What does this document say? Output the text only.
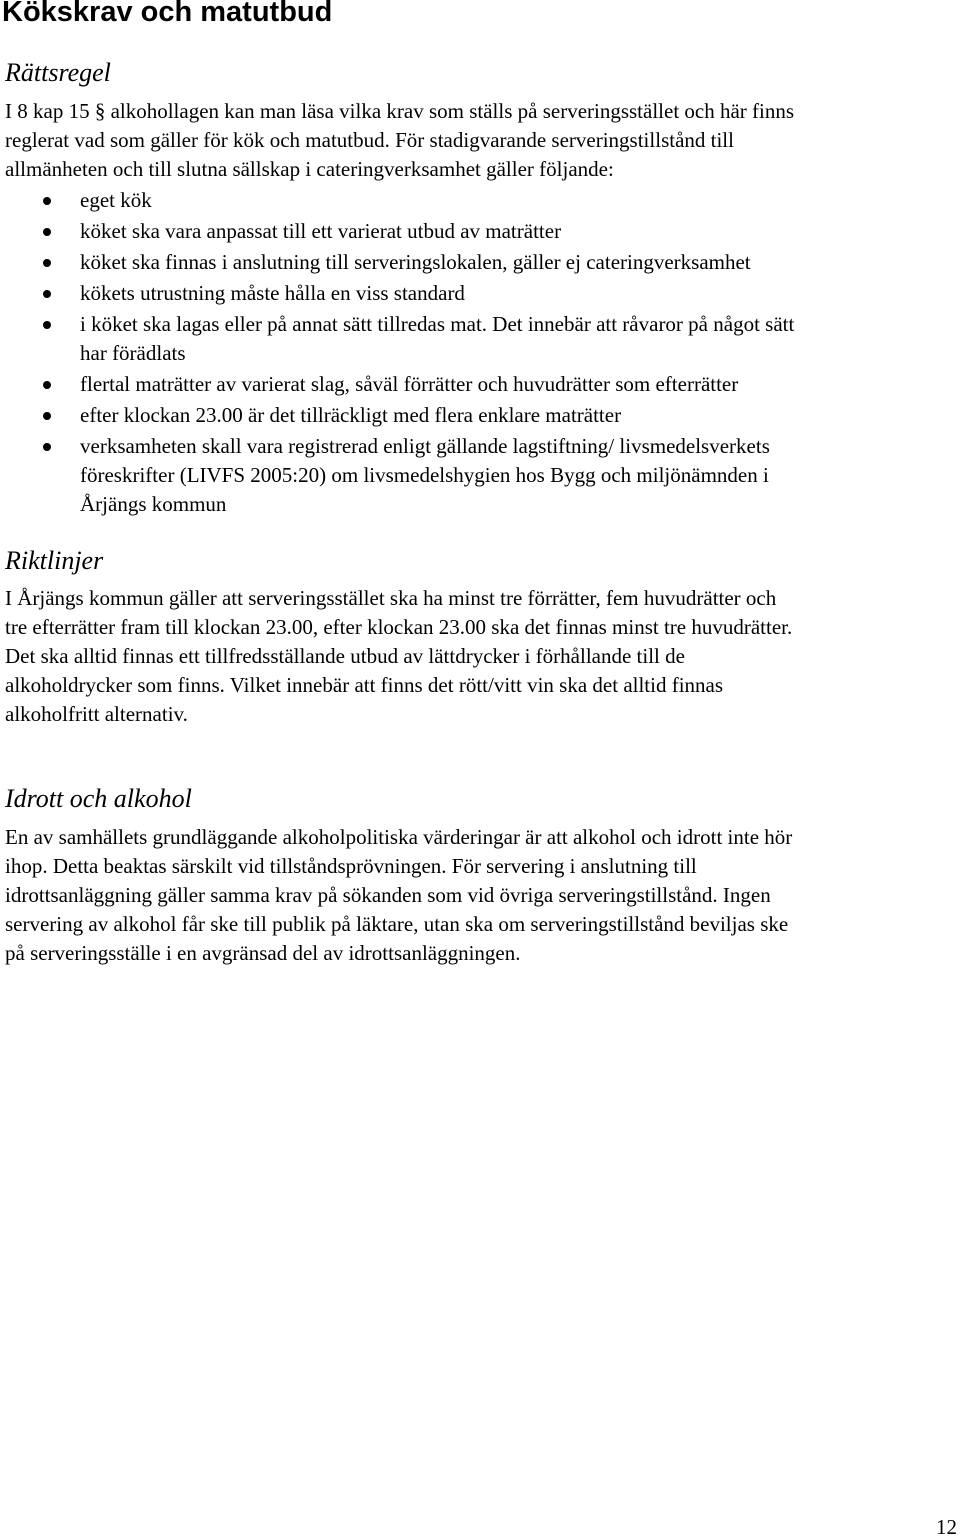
Kökskrav och matutbud
Rättsregel

I 8 kap 15 § alkohollagen kan man läsa vilka krav som ställs på serveringsstället och här finns
reglerat vad som gäller för kök och matutbud. För stadigvarande serveringstillstånd till
allmänheten och till slutna sällskap i cateringverksamhet gäller följande:

eget kök
köket ska vara anpassat till ett varierat utbud av maträtter
köket ska finnas i anslutning till serveringslokalen, gäller ej cateringverksamhet
kökets utrustning måste hålla en viss standard
i köket ska lagas eller på annat sätt tillredas mat. Det innebär att råvaror på något sätt
har förädlats
flertal maträtter av varierat slag, såväl förrätter och huvudrätter som efterrätter
efter klockan 23.00 är det tillräckligt med flera enklare maträtter
verksamheten skall vara registrerad enligt gällande lagstiftning/ livsmedelsverkets
föreskrifter (LIVFS 2005:20) om livsmedelshygien hos Bygg och miljönämnden i
Årjängs kommun
Riktlinjer

I Årjängs kommun gäller att serveringsstället ska ha minst tre förrätter, fem huvudrätter och
tre efterrätter fram till klockan 23.00, efter klockan 23.00 ska det finnas minst tre huvudrätter.
Det ska alltid finnas ett tillfredsställande utbud av lättdrycker i förhållande till de
alkoholdrycker som finns. Vilket innebär att finns det rött/vitt vin ska det alltid finnas
alkoholfritt alternativ.

Idrott och alkohol

En av samhällets grundläggande alkoholpolitiska värderingar är att alkohol och idrott inte hör
ihop. Detta beaktas särskilt vid tillståndsprövningen. För servering i anslutning till
idrottsanläggning gäller samma krav på sökanden som vid övriga serveringstillstånd. Ingen
servering av alkohol får ske till publik på läktare, utan ska om serveringstillstånd beviljas ske
på serveringsställe i en avgränsad del av idrottsanläggningen.

12
